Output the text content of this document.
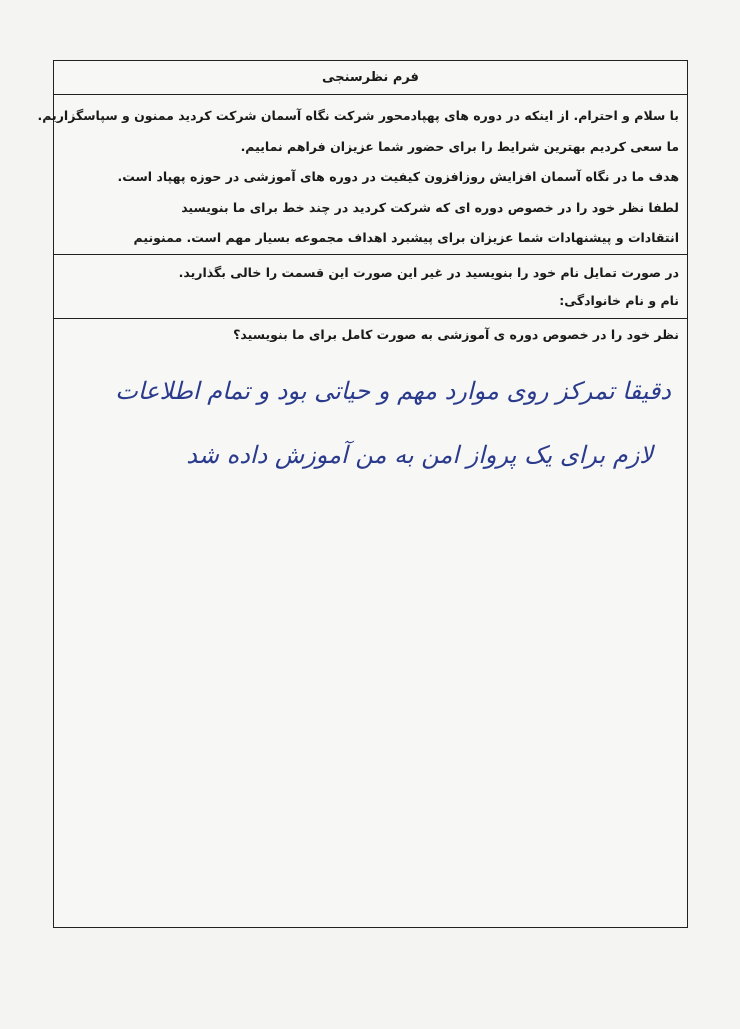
فرم نظرسنجی
با سلام و احترام. از اینکه در دوره های پهپادمحور شرکت نگاه آسمان شرکت کردید ممنون و سپاسگزاریم.
ما سعی کردیم بهترین شرایط را برای حضور شما عزیزان فراهم نماییم.
هدف ما در نگاه آسمان افزایش روزافزون کیفیت در دوره های آموزشی در حوزه پهپاد است.
لطفا نظر خود را در خصوص دوره ای که شرکت کردید در چند خط برای ما بنویسید
انتقادات و پیشنهادات شما عزیزان برای پیشبرد اهداف مجموعه بسیار مهم است. ممنونیم
در صورت تمایل نام خود را بنویسید در غیر این صورت این قسمت را خالی بگذارید.
نام و نام خانوادگی:
نظر خود را در خصوص دوره ی آموزشی به صورت کامل برای ما بنویسید؟
دقیقا تمرکز روی موارد مهم و حیاتی بود و تمام اطلاعات
لازم برای یک پرواز امن به من آموزش داده شد
